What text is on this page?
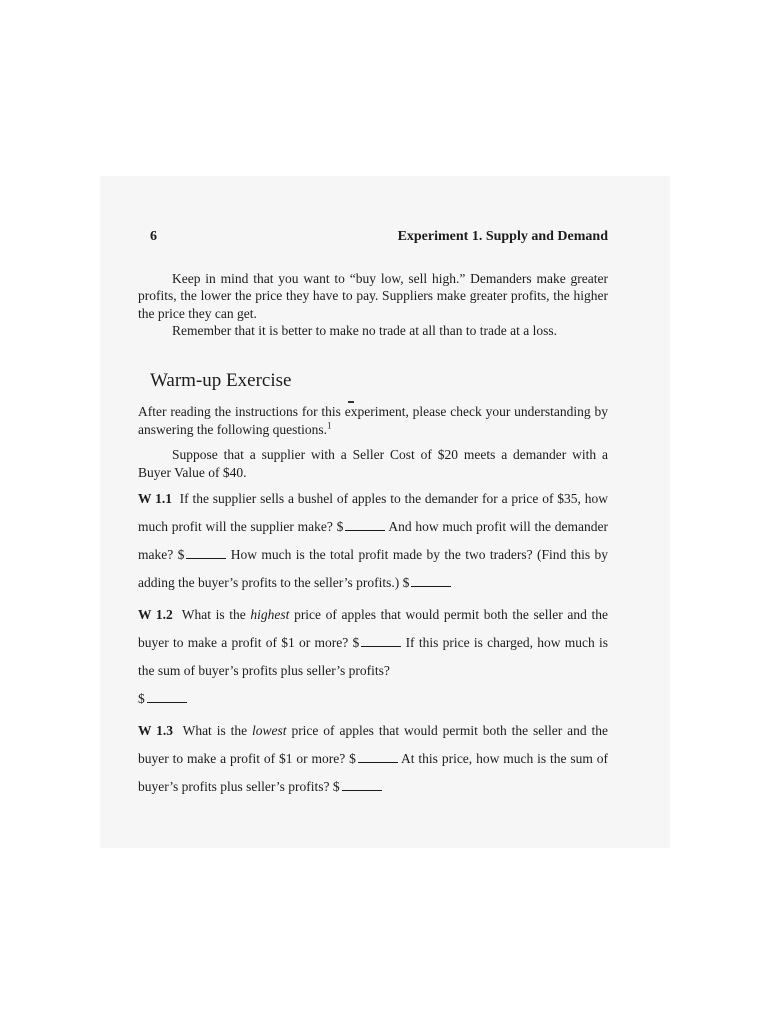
6	Experiment 1. Supply and Demand

Keep in mind that you want to “buy low, sell high.” Demanders make greater profits, the lower the price they have to pay. Suppliers make greater profits, the higher the price they can get.

Remember that it is better to make no trade at all than to trade at a loss.

Warm-up Exercise

After reading the instructions for this experiment, please check your understanding by answering the following questions.$^1$

Suppose that a supplier with a Seller Cost of $20 meets a demander with a Buyer Value of $40.

W 1.1 If the supplier sells a bushel of apples to the demander for a price of $35, how much profit will the supplier make? $	And how much profit will the demander make? $	How much is the total profit made by the two traders? (Find this by adding the buyer’s profits to the seller’s profits.) $

W 1.2 What is the highest price of apples that would permit both the seller and the buyer to make a profit of $1 or more? $	If this price is charged, how much is the sum of buyer’s profits plus seller’s profits?
$

W 1.3 What is the lowest price of apples that would permit both the seller and the buyer to make a profit of $1 or more? $	At this price, how much is the sum of buyer’s profits plus seller’s profits? $
